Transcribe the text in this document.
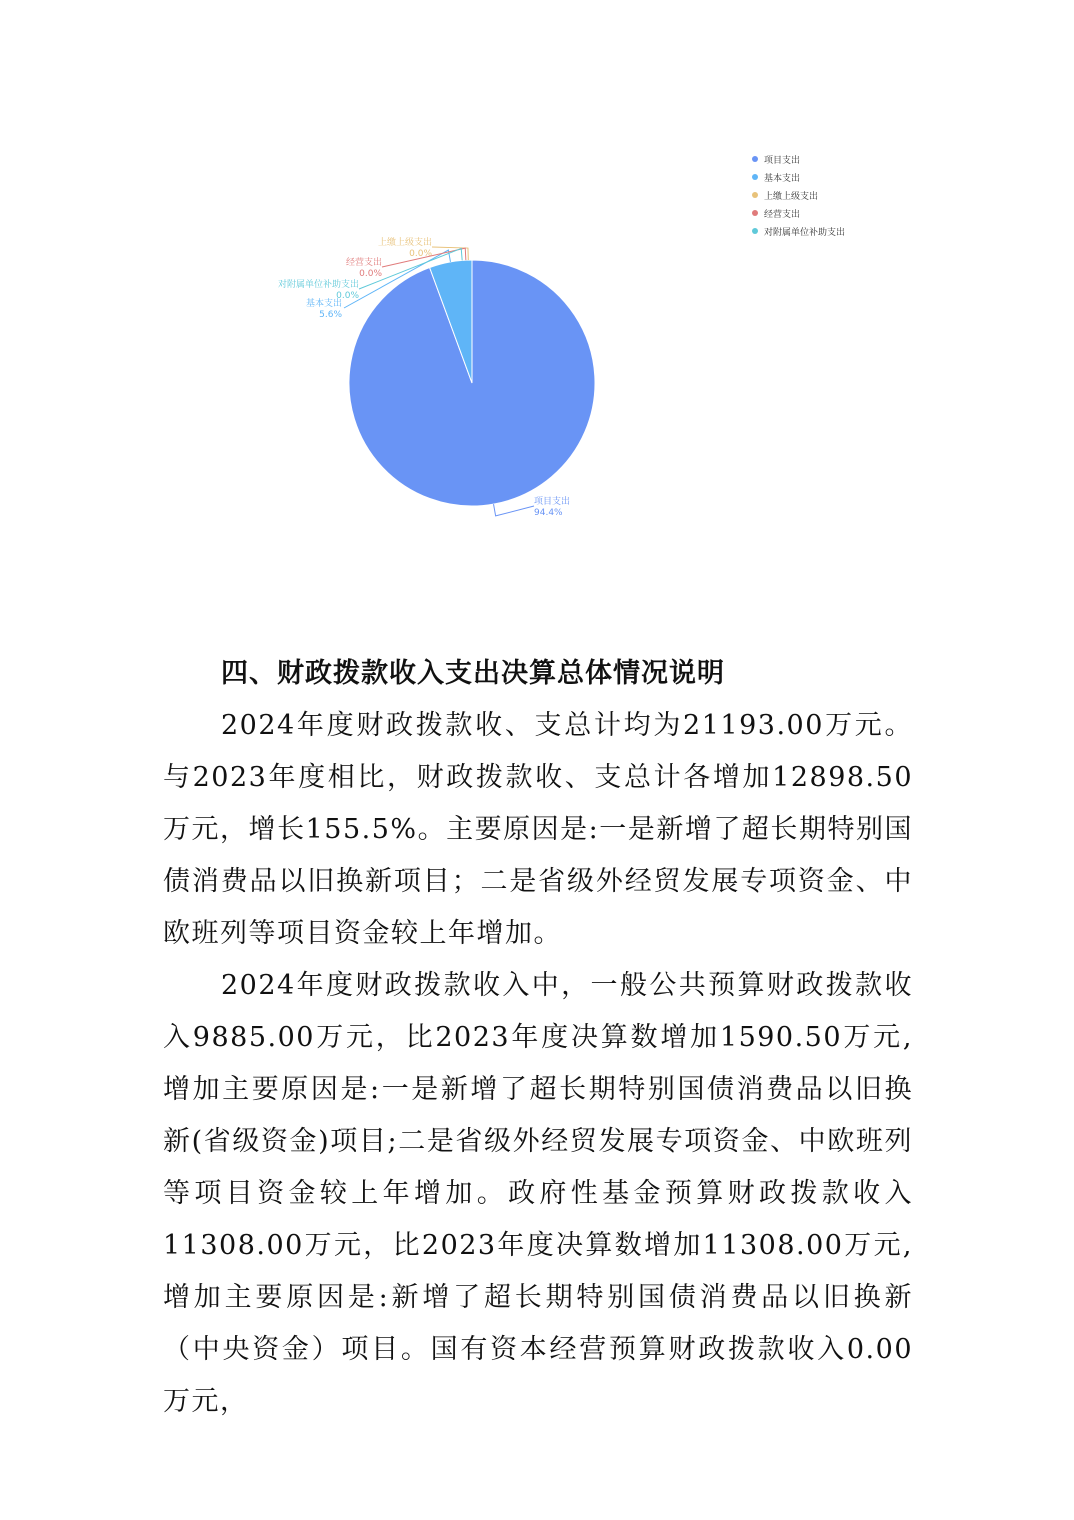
项目支出
94.4%
基本支出
5.6%
上缴上级支出
0.0%
经营支出
0.0%
对附属单位补助支出
0.0%
项目支出
基本支出
上缴上级支出
经营支出
对附属单位补助支出
四、财政拨款收入支出决算总体情况说明

2024年度财政拨款收、支总计均为21193.00万元。与2023年度相比，财政拨款收、支总计各增加12898.50万元，增长155.5%。主要原因是:一是新增了超长期特别国债消费品以旧换新项目；二是省级外经贸发展专项资金、中欧班列等项目资金较上年增加。

2024年度财政拨款收入中，一般公共预算财政拨款收入9885.00万元，比2023年度决算数增加1590.50万元,增加主要原因是:一是新增了超长期特别国债消费品以旧换新(省级资金)项目;二是省级外经贸发展专项资金、中欧班列等项目资金较上年增加。政府性基金预算财政拨款收入11308.00万元，比2023年度决算数增加11308.00万元,增加主要原因是:新增了超长期特别国债消费品以旧换新（中央资金）项目。国有资本经营预算财政拨款收入0.00万元，
